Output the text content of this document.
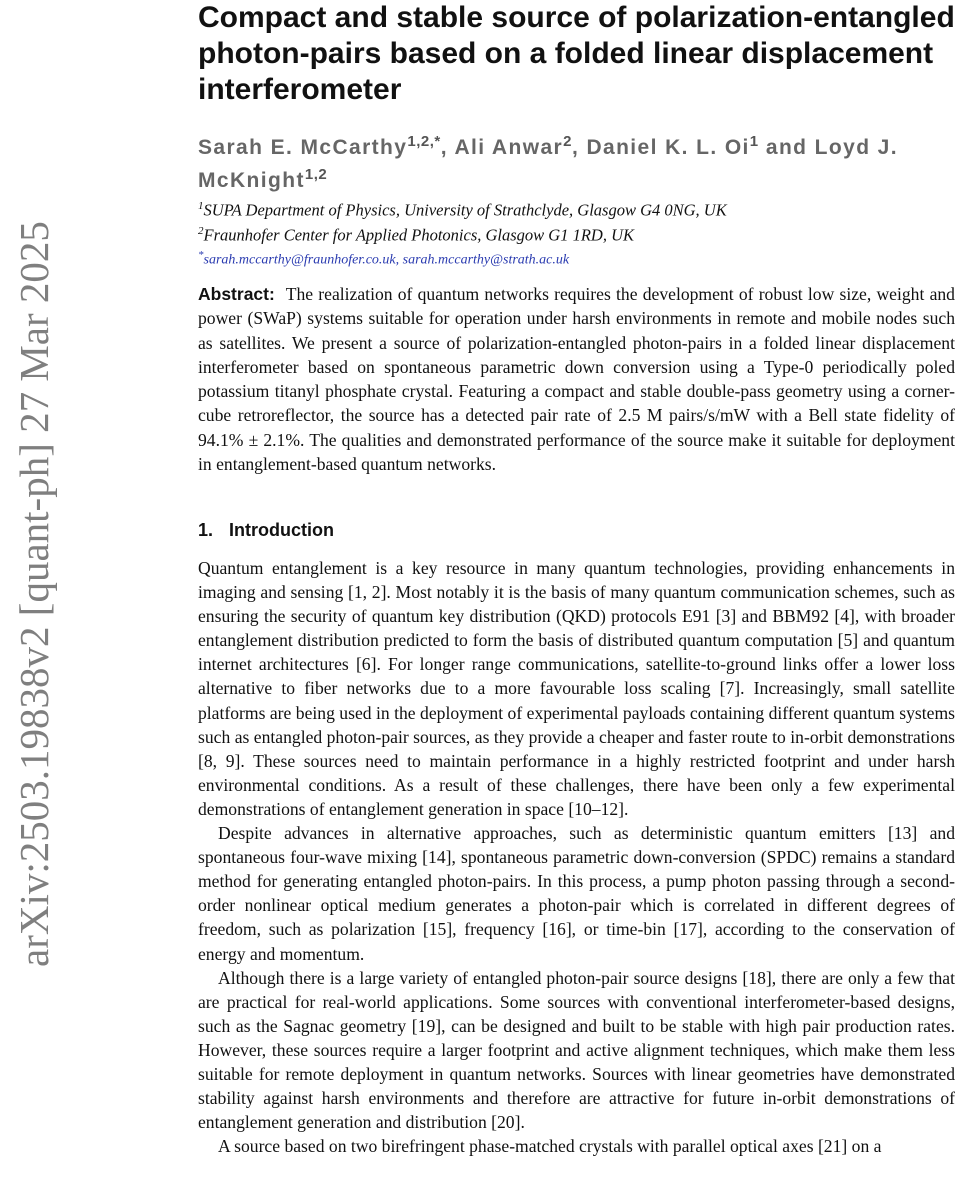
arXiv:2503.19838v2 [quant-ph] 27 Mar 2025
Compact and stable source of polarization-entangled photon-pairs based on a folded linear displacement interferometer
Sarah E. McCarthy$^{1,2,*}$, Ali Anwar$^2$, Daniel K. L. Oi$^1$ and Loyd J. McKnight$^{1,2}$
$^1$SUPA Department of Physics, University of Strathclyde, Glasgow G4 0NG, UK
$^2$Fraunhofer Center for Applied Photonics, Glasgow G1 1RD, UK
*sarah.mccarthy@fraunhofer.co.uk, sarah.mccarthy@strath.ac.uk
Abstract: The realization of quantum networks requires the development of robust low size, weight and power (SWaP) systems suitable for operation under harsh environments in remote and mobile nodes such as satellites. We present a source of polarization-entangled photon-pairs in a folded linear displacement interferometer based on spontaneous parametric down conversion using a Type-0 periodically poled potassium titanyl phosphate crystal. Featuring a compact and stable double-pass geometry using a corner-cube retroreflector, the source has a detected pair rate of 2.5 M pairs/s/mW with a Bell state fidelity of 94.1% ± 2.1%. The qualities and demonstrated performance of the source make it suitable for deployment in entanglement-based quantum networks.
1. Introduction

Quantum entanglement is a key resource in many quantum technologies, providing enhancements in imaging and sensing [1, 2]. Most notably it is the basis of many quantum communication schemes, such as ensuring the security of quantum key distribution (QKD) protocols E91 [3] and BBM92 [4], with broader entanglement distribution predicted to form the basis of distributed quantum computation [5] and quantum internet architectures [6]. For longer range communications, satellite-to-ground links offer a lower loss alternative to fiber networks due to a more favourable loss scaling [7]. Increasingly, small satellite platforms are being used in the deployment of experimental payloads containing different quantum systems such as entangled photon-pair sources, as they provide a cheaper and faster route to in-orbit demonstrations [8, 9]. These sources need to maintain performance in a highly restricted footprint and under harsh environmental conditions. As a result of these challenges, there have been only a few experimental demonstrations of entanglement generation in space [10–12].

Despite advances in alternative approaches, such as deterministic quantum emitters [13] and spontaneous four-wave mixing [14], spontaneous parametric down-conversion (SPDC) remains a standard method for generating entangled photon-pairs. In this process, a pump photon passing through a second-order nonlinear optical medium generates a photon-pair which is correlated in different degrees of freedom, such as polarization [15], frequency [16], or time-bin [17], according to the conservation of energy and momentum.

Although there is a large variety of entangled photon-pair source designs [18], there are only a few that are practical for real-world applications. Some sources with conventional interferometer-based designs, such as the Sagnac geometry [19], can be designed and built to be stable with high pair production rates. However, these sources require a larger footprint and active alignment techniques, which make them less suitable for remote deployment in quantum networks. Sources with linear geometries have demonstrated stability against harsh environments and therefore are attractive for future in-orbit demonstrations of entanglement generation and distribution [20].

A source based on two birefringent phase-matched crystals with parallel optical axes [21] on a
